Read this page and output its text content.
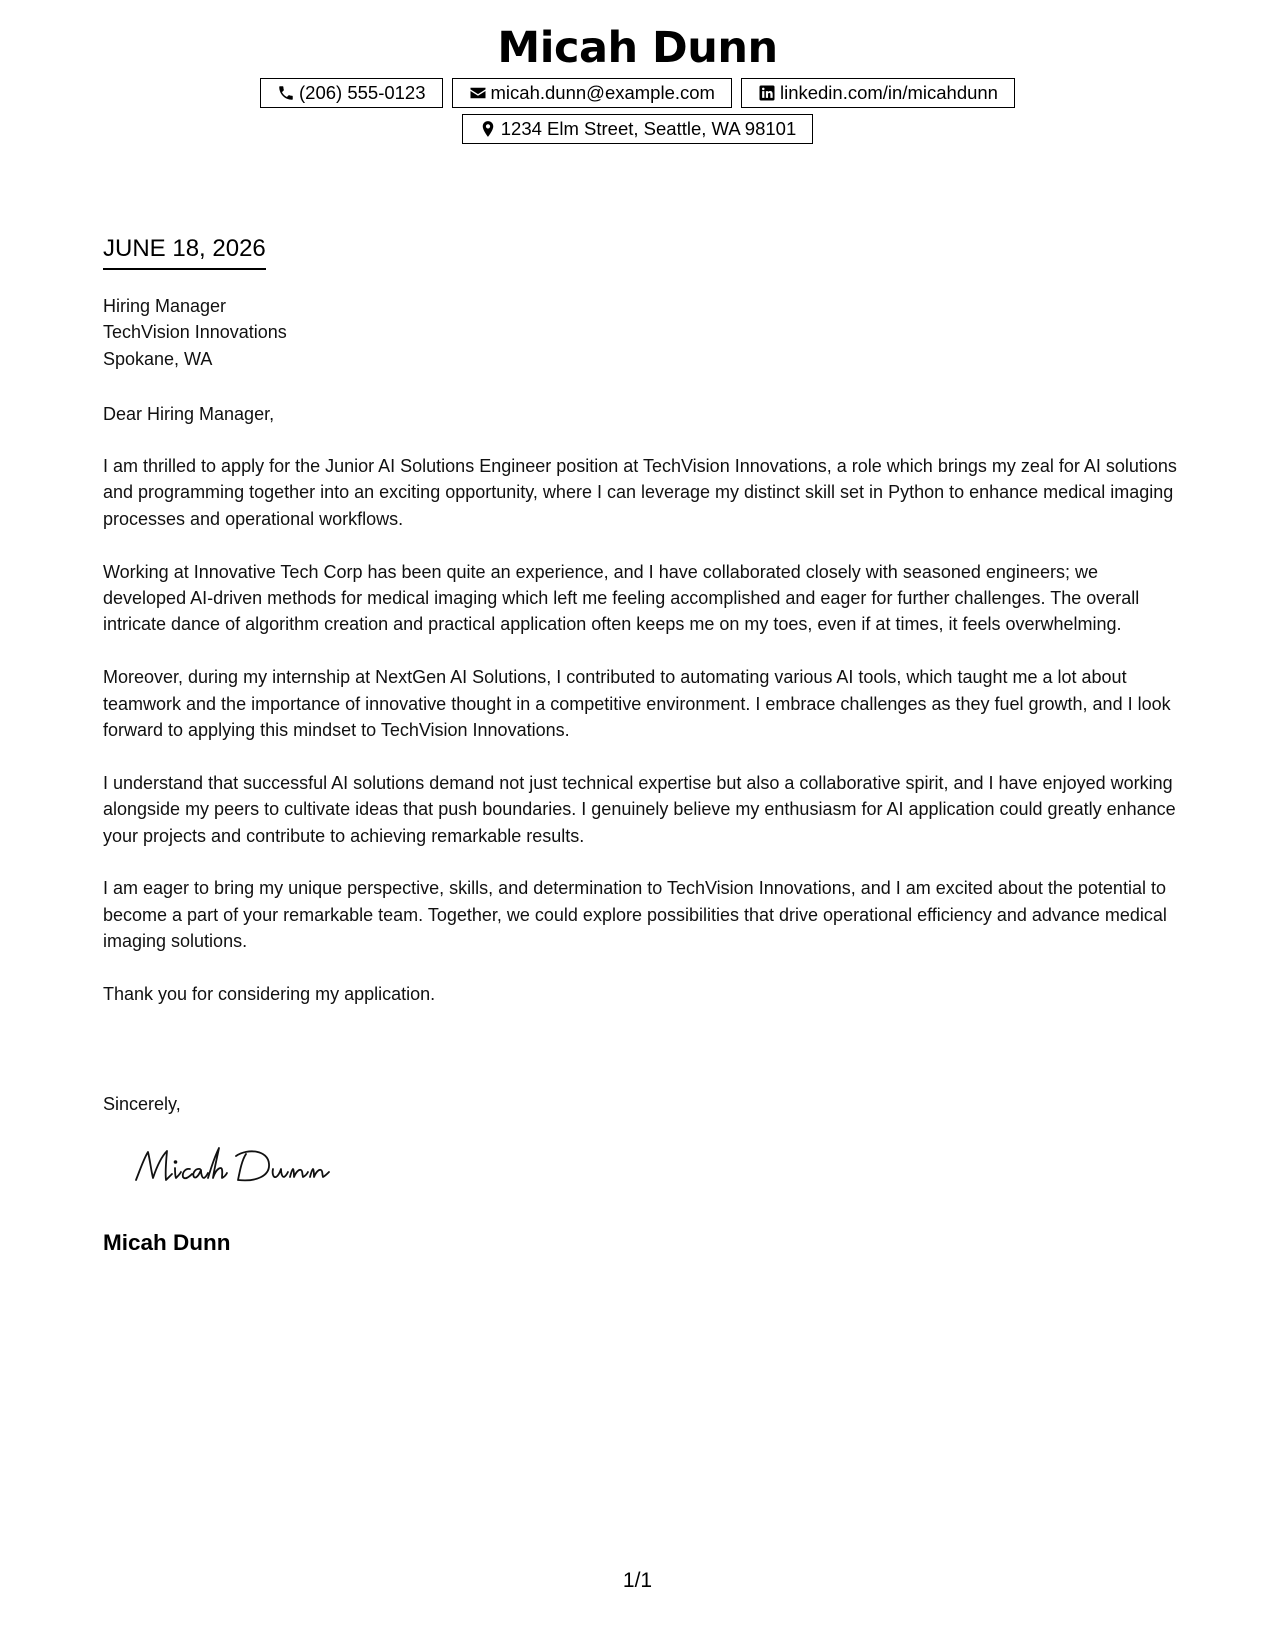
Micah Dunn
(206) 555-0123	micah.dunn@example.com	linkedin.com/in/micahdunn
1234 Elm Street, Seattle, WA 98101
JUNE 18, 2026
Hiring Manager
TechVision Innovations
Spokane, WA
Dear Hiring Manager,

I am thrilled to apply for the Junior AI Solutions Engineer position at TechVision Innovations, a role which brings my zeal for AI solutions and programming together into an exciting opportunity, where I can leverage my distinct skill set in Python to enhance medical imaging processes and operational workflows.

Working at Innovative Tech Corp has been quite an experience, and I have collaborated closely with seasoned engineers; we developed AI-driven methods for medical imaging which left me feeling accomplished and eager for further challenges. The overall intricate dance of algorithm creation and practical application often keeps me on my toes, even if at times, it feels overwhelming.

Moreover, during my internship at NextGen AI Solutions, I contributed to automating various AI tools, which taught me a lot about teamwork and the importance of innovative thought in a competitive environment. I embrace challenges as they fuel growth, and I look forward to applying this mindset to TechVision Innovations.

I understand that successful AI solutions demand not just technical expertise but also a collaborative spirit, and I have enjoyed working alongside my peers to cultivate ideas that push boundaries. I genuinely believe my enthusiasm for AI application could greatly enhance your projects and contribute to achieving remarkable results.

I am eager to bring my unique perspective, skills, and determination to TechVision Innovations, and I am excited about the potential to become a part of your remarkable team. Together, we could explore possibilities that drive operational efficiency and advance medical imaging solutions.

Thank you for considering my application.

Sincerely,
Micah Dunn
1/1
